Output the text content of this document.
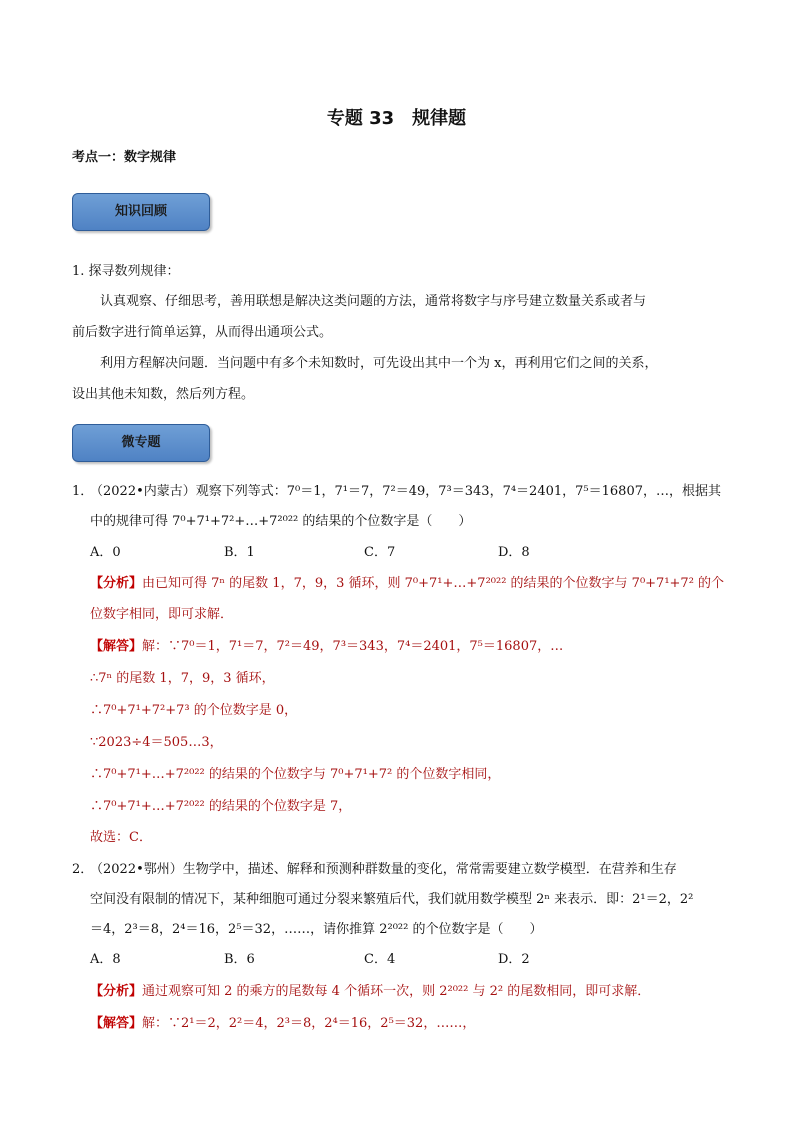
专题 33　规律题
考点一：数字规律
知识回顾
1. 探寻数列规律：
认真观察、仔细思考，善用联想是解决这类问题的方法，通常将数字与序号建立数量关系或者与
前后数字进行简单运算，从而得出通项公式。
利用方程解决问题．当问题中有多个未知数时，可先设出其中一个为 x，再利用它们之间的关系，
设出其他未知数，然后列方程。
微专题
1．
（2022•内蒙古）观察下列等式：7⁰＝1，7¹＝7，7²＝49，7³＝343，7⁴＝2401，7⁵＝16807，…，根据其
中的规律可得 7⁰+7¹+7²+…+7²⁰²² 的结果的个位数字是（　　）
A．0	B．1	C．7	D．8
【分析】由已知可得 7ⁿ 的尾数 1，7，9，3 循环，则 7⁰+7¹+…+7²⁰²² 的结果的个位数字与 7⁰+7¹+7² 的个
位数字相同，即可求解．
【解答】解：∵7⁰＝1，7¹＝7，7²＝49，7³＝343，7⁴＝2401，7⁵＝16807，…
∴7ⁿ 的尾数 1，7，9，3 循环，
∴7⁰+7¹+7²+7³ 的个位数字是 0，
∵2023÷4＝505…3，
∴7⁰+7¹+…+7²⁰²² 的结果的个位数字与 7⁰+7¹+7² 的个位数字相同，
∴7⁰+7¹+…+7²⁰²² 的结果的个位数字是 7，
故选：C．
2．
（2022•鄂州）生物学中，描述、解释和预测种群数量的变化，常常需要建立数学模型．在营养和生存
空间没有限制的情况下，某种细胞可通过分裂来繁殖后代，我们就用数学模型 2ⁿ 来表示．即：2¹＝2，2²
＝4，2³＝8，2⁴＝16，2⁵＝32，……，请你推算 2²⁰²² 的个位数字是（　　）
A．8	B．6	C．4	D．2
【分析】通过观察可知 2 的乘方的尾数每 4 个循环一次，则 2²⁰²² 与 2² 的尾数相同，即可求解．
【解答】解：∵2¹＝2，2²＝4，2³＝8，2⁴＝16，2⁵＝32，……，
